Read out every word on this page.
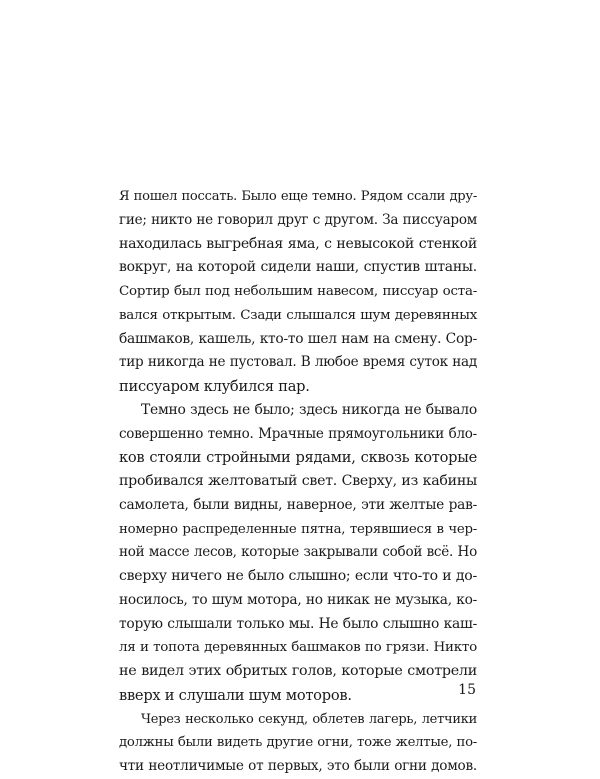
Я пошел поссать. Было еще темно. Рядом ссали дру-
гие; никто не говорил друг с другом. За писсуаром
находилась выгребная яма, с невысокой стенкой
вокруг, на которой сидели наши, спустив штаны.
Сортир был под небольшим навесом, писсуар оста-
вался открытым. Сзади слышался шум деревянных
башмаков, кашель, кто-то шел нам на смену. Сор-
тир никогда не пустовал. В любое время суток над
писсуаром клубился пар.
Темно здесь не было; здесь никогда не бывало
совершенно темно. Мрачные прямоугольники бло-
ков стояли стройными рядами, сквозь которые
пробивался желтоватый свет. Сверху, из кабины
самолета, были видны, наверное, эти желтые рав-
номерно распределенные пятна, терявшиеся в чер-
ной массе лесов, которые закрывали собой всё. Но
сверху ничего не было слышно; если что-то и до-
носилось, то шум мотора, но никак не музыка, ко-
торую слышали только мы. Не было слышно каш-
ля и топота деревянных башмаков по грязи. Никто
не видел этих обритых голов, которые смотрели
вверх и слушали шум моторов.
Через несколько секунд, облетев лагерь, летчики
должны были видеть другие огни, тоже желтые, по-
чти неотличимые от первых, это были огни домов.
15
